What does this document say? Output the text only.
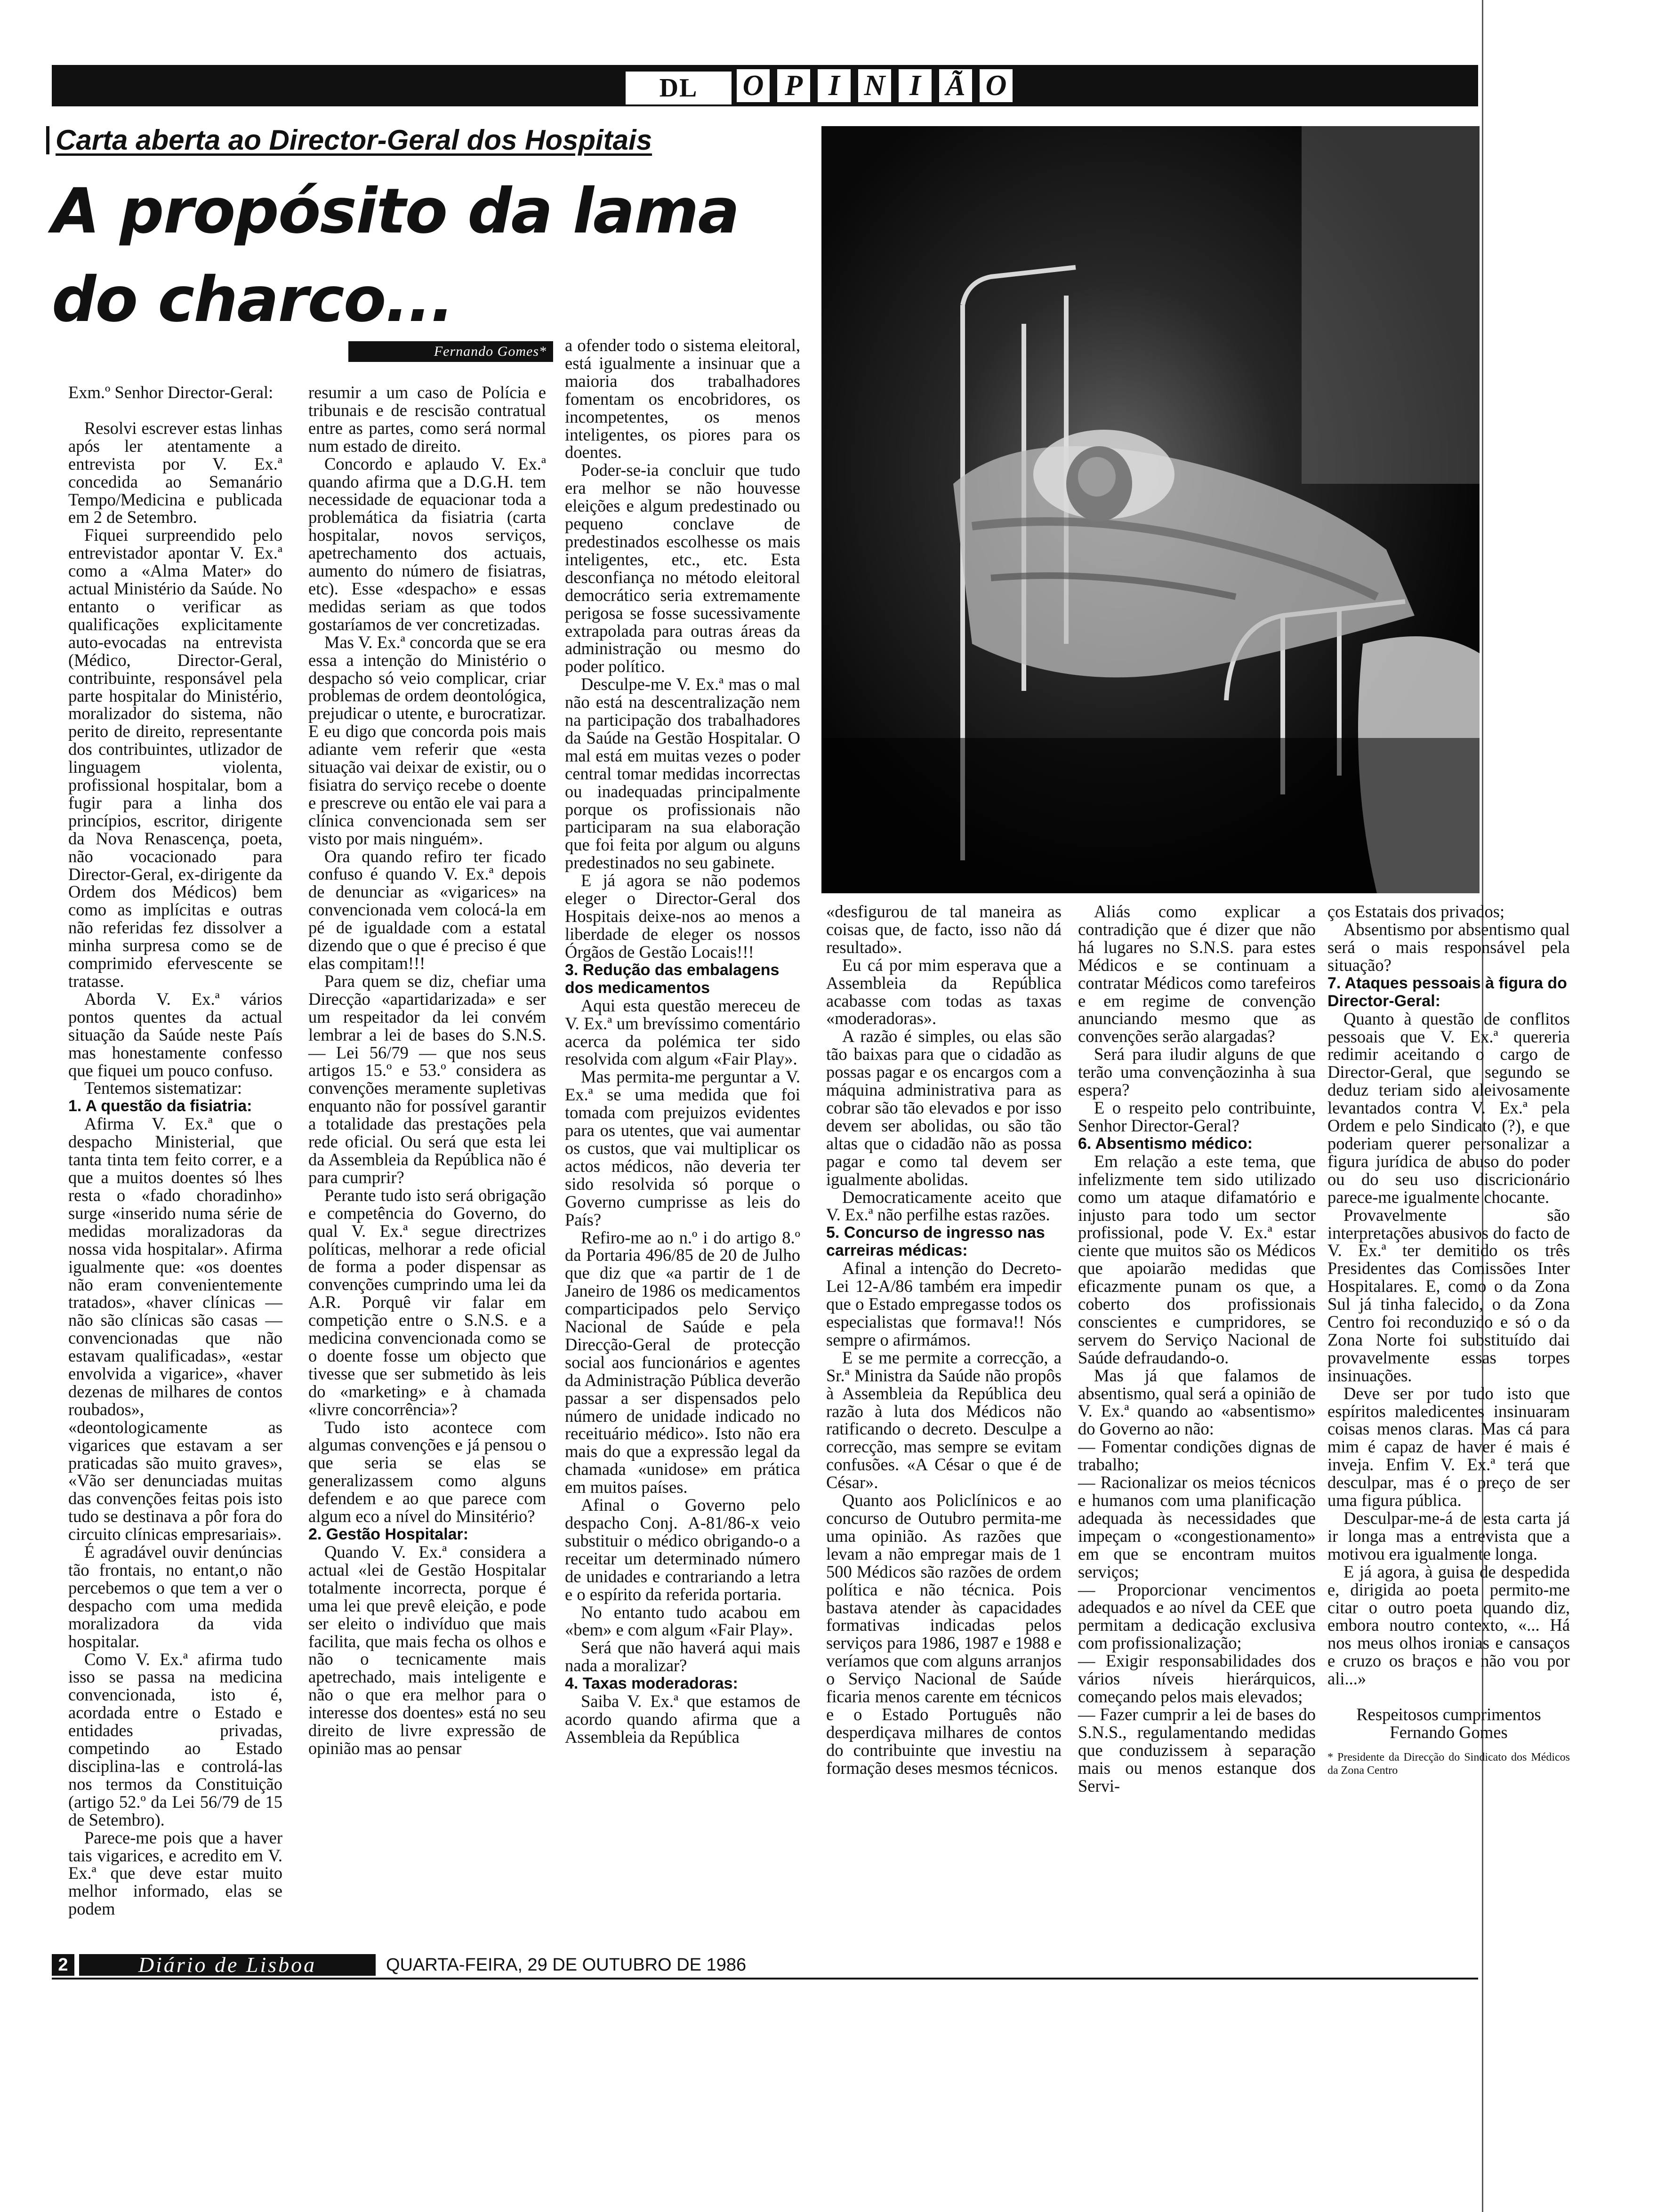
DL	O P I N I Ã O
Carta aberta ao Director-Geral dos Hospitais
A propósito da lama
do charco...
Fernando Gomes*

Exm.º Senhor Director-Geral:

Resolvi escrever estas linhas após ler atentamente a entrevista por V. Ex.ª concedida ao Semanário Tempo/Medicina e publicada em 2 de Setembro.

Fiquei surpreendido pelo entrevistador apontar V. Ex.ª como a «Alma Mater» do actual Ministério da Saúde. No entanto o verificar as qualificações explicitamente auto-evocadas na entrevista (Médico, Director-Geral, contribuinte, responsável pela parte hospitalar do Ministério, moralizador do sistema, não perito de direito, representante dos contribuintes, utlizador de linguagem violenta, profissional hospitalar, bom a fugir para a linha dos princípios, escritor, dirigente da Nova Renascença, poeta, não vocacionado para Director-Geral, ex-dirigente da Ordem dos Médicos) bem como as implícitas e outras não referidas fez dissolver a minha surpresa como se de comprimido efervescente se tratasse.

Aborda V. Ex.ª vários pontos quentes da actual situação da Saúde neste País mas honestamente confesso que fiquei um pouco confuso.

Tentemos sistematizar:

1. A questão da fisiatria:

Afirma V. Ex.ª que o despacho Ministerial, que tanta tinta tem feito correr, e a que a muitos doentes só lhes resta o «fado choradinho» surge «inserido numa série de medidas moralizadoras da nossa vida hospitalar». Afirma igualmente que: «os doentes não eram convenientemente tratados», «haver clínicas — não são clínicas são casas — convencionadas que não estavam qualificadas», «estar envolvida a vigarice», «haver dezenas de milhares de contos roubados», «deontologicamente as vigarices que estavam a ser praticadas são muito graves», «Vão ser denunciadas muitas das convenções feitas pois isto tudo se destinava a pôr fora do circuito clínicas empresariais».

É agradável ouvir denúncias tão frontais, no entant,o não percebemos o que tem a ver o despacho com uma medida moralizadora da vida hospitalar.

Como V. Ex.ª afirma tudo isso se passa na medicina convencionada, isto é, acordada entre o Estado e entidades privadas, competindo ao Estado disciplina-las e controlá-las nos termos da Constituição (artigo 52.º da Lei 56/79 de 15 de Setembro).

Parece-me pois que a haver tais vigarices, e acredito em V. Ex.ª que deve estar muito melhor informado, elas se podem

resumir a um caso de Polícia e tribunais e de rescisão contratual entre as partes, como será normal num estado de direito.

Concordo e aplaudo V. Ex.ª quando afirma que a D.G.H. tem necessidade de equacionar toda a problemática da fisiatria (carta hospitalar, novos serviços, apetrechamento dos actuais, aumento do número de fisiatras, etc). Esse «despacho» e essas medidas seriam as que todos gostaríamos de ver concretizadas.

Mas V. Ex.ª concorda que se era essa a intenção do Ministério o despacho só veio complicar, criar problemas de ordem deontológica, prejudicar o utente, e burocratizar. E eu digo que concorda pois mais adiante vem referir que «esta situação vai deixar de existir, ou o fisiatra do serviço recebe o doente e prescreve ou então ele vai para a clínica convencionada sem ser visto por mais ninguém».

Ora quando refiro ter ficado confuso é quando V. Ex.ª depois de denunciar as «vigarices» na convencionada vem colocá-la em pé de igualdade com a estatal dizendo que o que é preciso é que elas compitam!!!

Para quem se diz, chefiar uma Direcção «apartidarizada» e ser um respeitador da lei convém lembrar a lei de bases do S.N.S. — Lei 56/79 — que nos seus artigos 15.º e 53.º considera as convenções meramente supletivas enquanto não for possível garantir a totalidade das prestações pela rede oficial. Ou será que esta lei da Assembleia da República não é para cumprir?

Perante tudo isto será obrigação e competência do Governo, do qual V. Ex.ª segue directrizes políticas, melhorar a rede oficial de forma a poder dispensar as convenções cumprindo uma lei da A.R. Porquê vir falar em competição entre o S.N.S. e a medicina convencionada como se o doente fosse um objecto que tivesse que ser submetido às leis do «marketing» e à chamada «livre concorrência»?

Tudo isto acontece com algumas convenções e já pensou o que seria se elas se generalizassem como alguns defendem e ao que parece com algum eco a nível do Minsitério?

2. Gestão Hospitalar:

Quando V. Ex.ª considera a actual «lei de Gestão Hospitalar totalmente incorrecta, porque é uma lei que prevê eleição, e pode ser eleito o indivíduo que mais facilita, que mais fecha os olhos e não o tecnicamente mais apetrechado, mais inteligente e não o que era melhor para o interesse dos doentes» está no seu direito de livre expressão de opinião mas ao pensar

a ofender todo o sistema eleitoral, está igualmente a insinuar que a maioria dos trabalhadores fomentam os encobridores, os incompetentes, os menos inteligentes, os piores para os doentes.

Poder-se-ia concluir que tudo era melhor se não houvesse eleições e algum predestinado ou pequeno conclave de predestinados escolhesse os mais inteligentes, etc., etc. Esta desconfiança no método eleitoral democrático seria extremamente perigosa se fosse sucessivamente extrapolada para outras áreas da administração ou mesmo do poder político.

Desculpe-me V. Ex.ª mas o mal não está na descentralização nem na participação dos trabalhadores da Saúde na Gestão Hospitalar. O mal está em muitas vezes o poder central tomar medidas incorrectas ou inadequadas principalmente porque os profissionais não participaram na sua elaboração que foi feita por algum ou alguns predestinados no seu gabinete.

E já agora se não podemos eleger o Director-Geral dos Hospitais deixe-nos ao menos a liberdade de eleger os nossos Órgãos de Gestão Locais!!!

3. Redução das embalagens dos medicamentos

Aqui esta questão mereceu de V. Ex.ª um brevíssimo comentário acerca da polémica ter sido resolvida com algum «Fair Play».

Mas permita-me perguntar a V. Ex.ª se uma medida que foi tomada com prejuizos evidentes para os utentes, que vai aumentar os custos, que vai multiplicar os actos médicos, não deveria ter sido resolvida só porque o Governo cumprisse as leis do País?

Refiro-me ao n.º i do artigo 8.º da Portaria 496/85 de 20 de Julho que diz que «a partir de 1 de Janeiro de 1986 os medicamentos comparticipados pelo Serviço Nacional de Saúde e pela Direcção-Geral de protecção social aos funcionários e agentes da Administração Pública deverão passar a ser dispensados pelo número de unidade indicado no receituário médico». Isto não era mais do que a expressão legal da chamada «unidose» em prática em muitos países.

Afinal o Governo pelo despacho Conj. A-81/86-x veio substituir o médico obrigando-o a receitar um determinado número de unidades e contrariando a letra e o espírito da referida portaria.

No entanto tudo acabou em «bem» e com algum «Fair Play».

Será que não haverá aqui mais nada a moralizar?

4. Taxas moderadoras:

Saiba V. Ex.ª que estamos de acordo quando afirma que a Assembleia da República

«desfigurou de tal maneira as coisas que, de facto, isso não dá resultado».

Eu cá por mim esperava que a Assembleia da República acabasse com todas as taxas «moderadoras».

A razão é simples, ou elas são tão baixas para que o cidadão as possas pagar e os encargos com a máquina administrativa para as cobrar são tão elevados e por isso devem ser abolidas, ou são tão altas que o cidadão não as possa pagar e como tal devem ser igualmente abolidas.

Democraticamente aceito que V. Ex.ª não perfilhe estas razões.

5. Concurso de ingresso nas carreiras médicas:

Afinal a intenção do Decreto-Lei 12-A/86 também era impedir que o Estado empregasse todos os especialistas que formava!! Nós sempre o afirmámos.

E se me permite a correcção, a Sr.ª Ministra da Saúde não propôs à Assembleia da República deu razão à luta dos Médicos não ratificando o decreto. Desculpe a correcção, mas sempre se evitam confusões. «A César o que é de César».

Quanto aos Policlínicos e ao concurso de Outubro permita-me uma opinião. As razões que levam a não empregar mais de 1 500 Médicos são razões de ordem política e não técnica. Pois bastava atender às capacidades formativas indicadas pelos serviços para 1986, 1987 e 1988 e veríamos que com alguns arranjos o Serviço Nacional de Saúde ficaria menos carente em técnicos e o Estado Português não desperdiçava milhares de contos do contribuinte que investiu na formação deses mesmos técnicos.

Aliás como explicar a contradição que é dizer que não há lugares no S.N.S. para estes Médicos e se continuam a contratar Médicos como tarefeiros e em regime de convenção anunciando mesmo que as convenções serão alargadas?

Será para iludir alguns de que terão uma convençãozinha à sua espera?

E o respeito pelo contribuinte, Senhor Director-Geral?

6. Absentismo médico:

Em relação a este tema, que infelizmente tem sido utilizado como um ataque difamatório e injusto para todo um sector profissional, pode V. Ex.ª estar ciente que muitos são os Médicos que apoiarão medidas que eficazmente punam os que, a coberto dos profissionais conscientes e cumpridores, se servem do Serviço Nacional de Saúde defraudando-o.

Mas já que falamos de absentismo, qual será a opinião de V. Ex.ª quando ao «absentismo» do Governo ao não:

— Fomentar condições dignas de trabalho;

— Racionalizar os meios técnicos e humanos com uma planificação adequada às necessidades que impeçam o «congestionamento» em que se encontram muitos serviços;

— Proporcionar vencimentos adequados e ao nível da CEE que permitam a dedicação exclusiva com profissionalização;

— Exigir responsabilidades dos vários níveis hierárquicos, começando pelos mais elevados;

— Fazer cumprir a lei de bases do S.N.S., regulamentando medidas que conduzissem à separação mais ou menos estanque dos Servi-

ços Estatais dos privados;

Absentismo por absentismo qual será o mais responsável pela situação?

7. Ataques pessoais à figura do Director-Geral:

Quanto à questão de conflitos pessoais que V. Ex.ª quereria redimir aceitando o cargo de Director-Geral, que segundo se deduz teriam sido aleivosamente levantados contra V. Ex.ª pela Ordem e pelo Sindicato (?), e que poderiam querer personalizar a figura jurídica de abuso do poder ou do seu uso discricionário parece-me igualmente chocante.

Provavelmente são interpretações abusivos do facto de V. Ex.ª ter demitido os três Presidentes das Comissões Inter Hospitalares. E, como o da Zona Sul já tinha falecido, o da Zona Centro foi reconduzido e só o da Zona Norte foi substituído dai provavelmente essas torpes insinuações.

Deve ser por tudo isto que espíritos maledicentes insinuaram coisas menos claras. Mas cá para mim é capaz de haver é mais é inveja. Enfim V. Ex.ª terá que desculpar, mas é o preço de ser uma figura pública.

Desculpar-me-á de esta carta já ir longa mas a entrevista que a motivou era igualmente longa.

E já agora, à guisa de despedida e, dirigida ao poeta permito-me citar o outro poeta quando diz, embora noutro contexto, «... Há nos meus olhos ironias e cansaços e cruzo os braços e não vou por ali...»

Respeitosos cumprimentos

Fernando Gomes

* Presidente da Direcção do Sindicato dos Médicos da Zona Centro

2	Diário de Lisboa	QUARTA-FEIRA, 29 DE OUTUBRO DE 1986
